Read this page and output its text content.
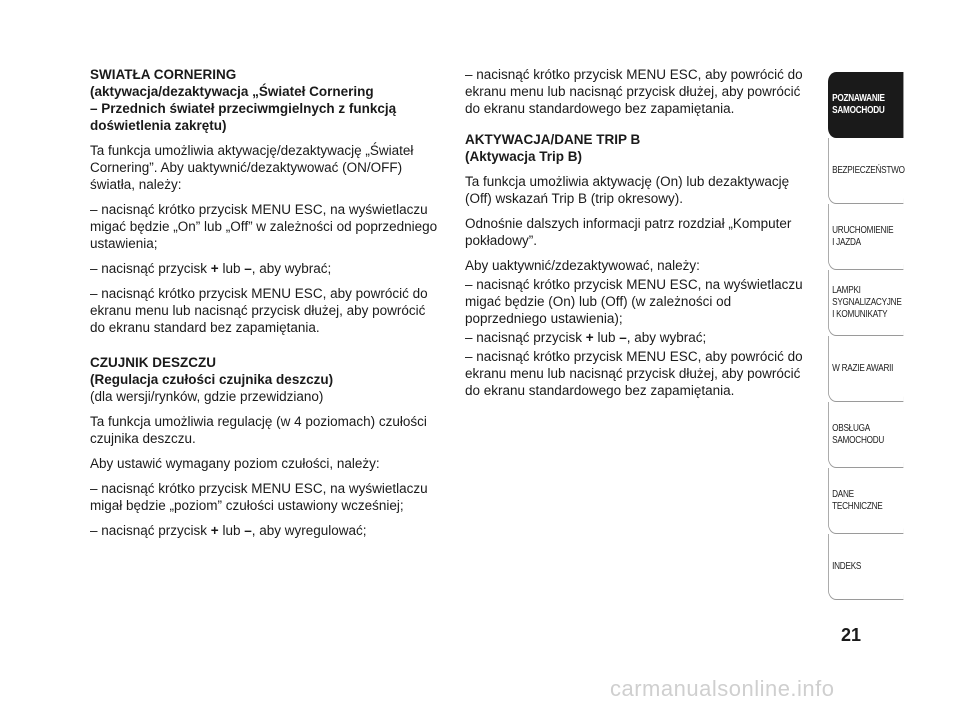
SWIATŁA CORNERING
(aktywacja/dezaktywacja „Świateł Cornering
– Przednich świateł przeciwmgielnych z funkcją
doświetlenia zakrętu)

Ta funkcja umożliwia aktywację/dezaktywację „Świateł Cornering”. Aby uaktywnić/dezaktywować (ON/OFF) światła, należy:

– nacisnąć krótko przycisk MENU ESC, na wyświetlaczu migać będzie „On” lub „Off” w zależności od poprzedniego ustawienia;

– nacisnąć przycisk + lub –, aby wybrać;

– nacisnąć krótko przycisk MENU ESC, aby powrócić do ekranu menu lub nacisnąć przycisk dłużej, aby powrócić do ekranu standard bez zapamiętania.

CZUJNIK DESZCZU
(Regulacja czułości czujnika deszczu)

(dla wersji/rynków, gdzie przewidziano)

Ta funkcja umożliwia regulację (w 4 poziomach) czułości czujnika deszczu.

Aby ustawić wymagany poziom czułości, należy:

– nacisnąć krótko przycisk MENU ESC, na wyświetlaczu migał będzie „poziom” czułości ustawiony wcześniej;

– nacisnąć przycisk + lub –, aby wyregulować;

– nacisnąć krótko przycisk MENU ESC, aby powrócić do ekranu menu lub nacisnąć przycisk dłużej, aby powrócić do ekranu standardowego bez zapamiętania.

AKTYWACJA/DANE TRIP B
(Aktywacja Trip B)

Ta funkcja umożliwia aktywację (On) lub dezaktywację (Off) wskazań Trip B (trip okresowy).

Odnośnie dalszych informacji patrz rozdział „Komputer pokładowy”.

Aby uaktywnić/zdezaktywować, należy:

– nacisnąć krótko przycisk MENU ESC, na wyświetlaczu migać będzie (On) lub (Off) (w zależności od poprzedniego ustawienia);

– nacisnąć przycisk + lub –, aby wybrać;

– nacisnąć krótko przycisk MENU ESC, aby powrócić do ekranu menu lub nacisnąć przycisk dłużej, aby powrócić do ekranu standardowego bez zapamiętania.

POZNAWANIE
SAMOCHODU
BEZPIECZEŃSTWO
URUCHOMIENIE
I JAZDA
LAMPKI
SYGNALIZACYJNE
I KOMUNIKATY
W RAZIE AWARII
OBSŁUGA
SAMOCHODU
DANE
TECHNICZNE
INDEKS
21
carmanualsonline.info
